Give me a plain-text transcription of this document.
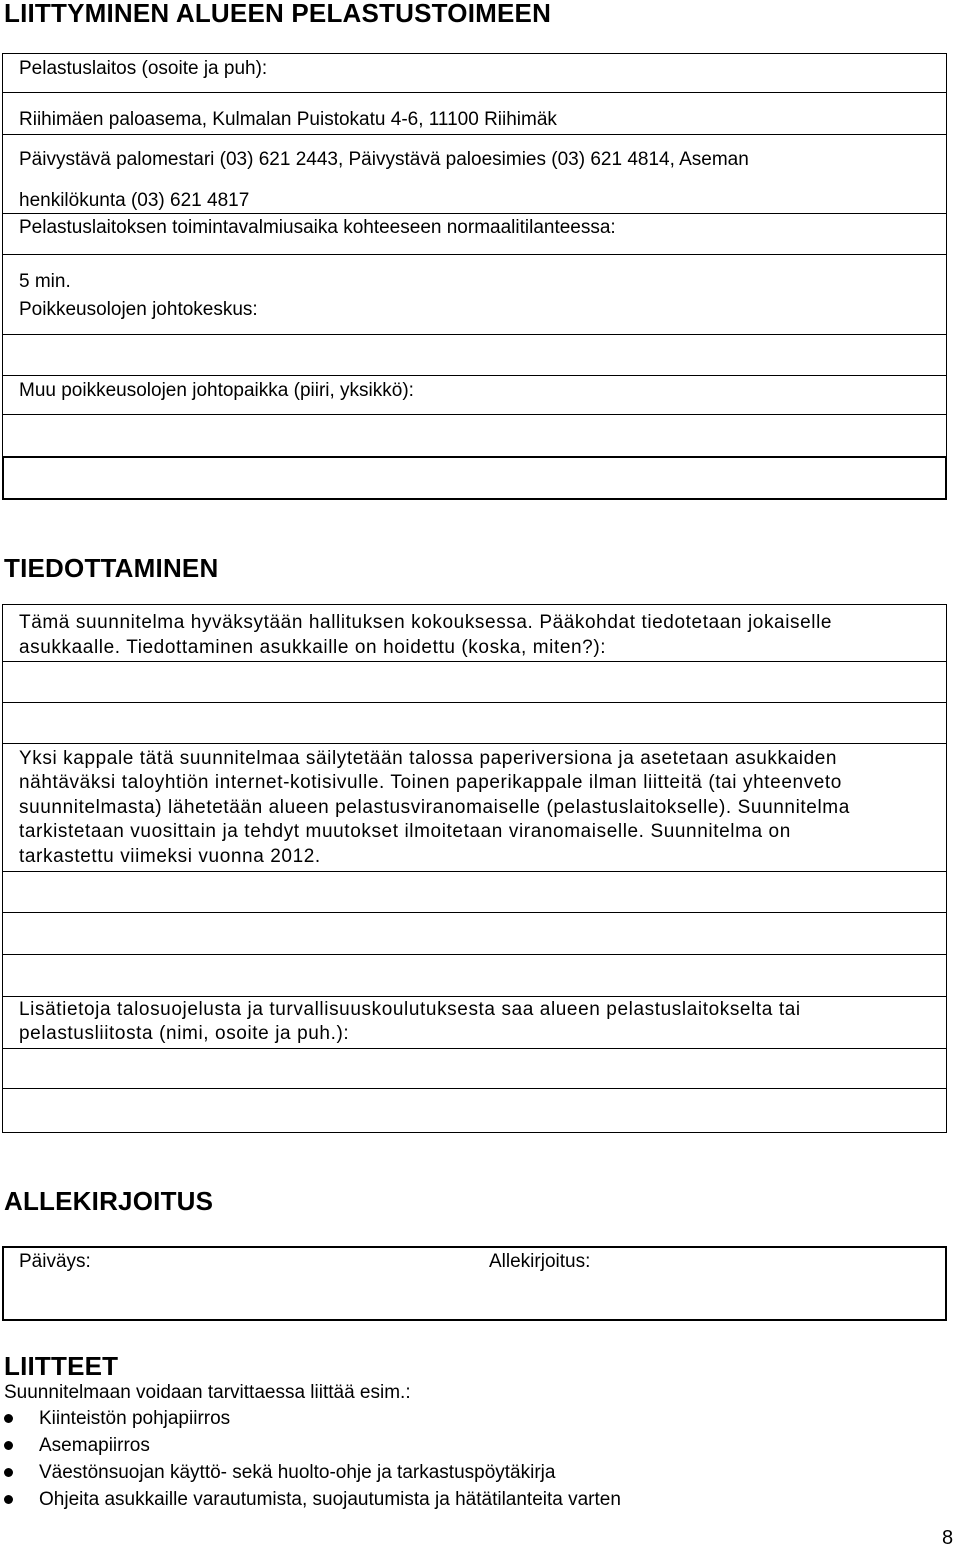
LIITTYMINEN ALUEEN PELASTUSTOIMEEN
Pelastuslaitos (osoite ja puh):
Riihimäen paloasema, Kulmalan Puistokatu 4-6, 11100 Riihimäk
Päivystävä palomestari (03) 621 2443, Päivystävä paloesimies (03) 621 4814, Aseman
henkilökunta (03) 621 4817
Pelastuslaitoksen toimintavalmiusaika kohteeseen normaalitilanteessa:
5 min.
Poikkeusolojen johtokeskus:
Muu poikkeusolojen johtopaikka (piiri, yksikkö):
TIEDOTTAMINEN
Tämä suunnitelma hyväksytään hallituksen kokouksessa. Pääkohdat tiedotetaan jokaiselle
asukkaalle. Tiedottaminen asukkaille on hoidettu (koska, miten?):
Yksi kappale tätä suunnitelmaa säilytetään talossa paperiversiona ja asetetaan asukkaiden
nähtäväksi taloyhtiön internet-kotisivulle. Toinen paperikappale ilman liitteitä (tai yhteenveto
suunnitelmasta) lähetetään alueen pelastusviranomaiselle (pelastuslaitokselle). Suunnitelma
tarkistetaan vuosittain ja tehdyt muutokset ilmoitetaan viranomaiselle. Suunnitelma on
tarkastettu viimeksi vuonna 2012.
Lisätietoja talosuojelusta ja turvallisuuskoulutuksesta saa alueen pelastuslaitokselta tai
pelastusliitosta (nimi, osoite ja puh.):
ALLEKIRJOITUS
Päiväys:	Allekirjoitus:
LIITTEET
Suunnitelmaan voidaan tarvittaessa liittää esim.:
Kiinteistön pohjapiirros
Asemapiirros
Väestönsuojan käyttö- sekä huolto-ohje ja tarkastuspöytäkirja
Ohjeita asukkaille varautumista, suojautumista ja hätätilanteita varten
8
